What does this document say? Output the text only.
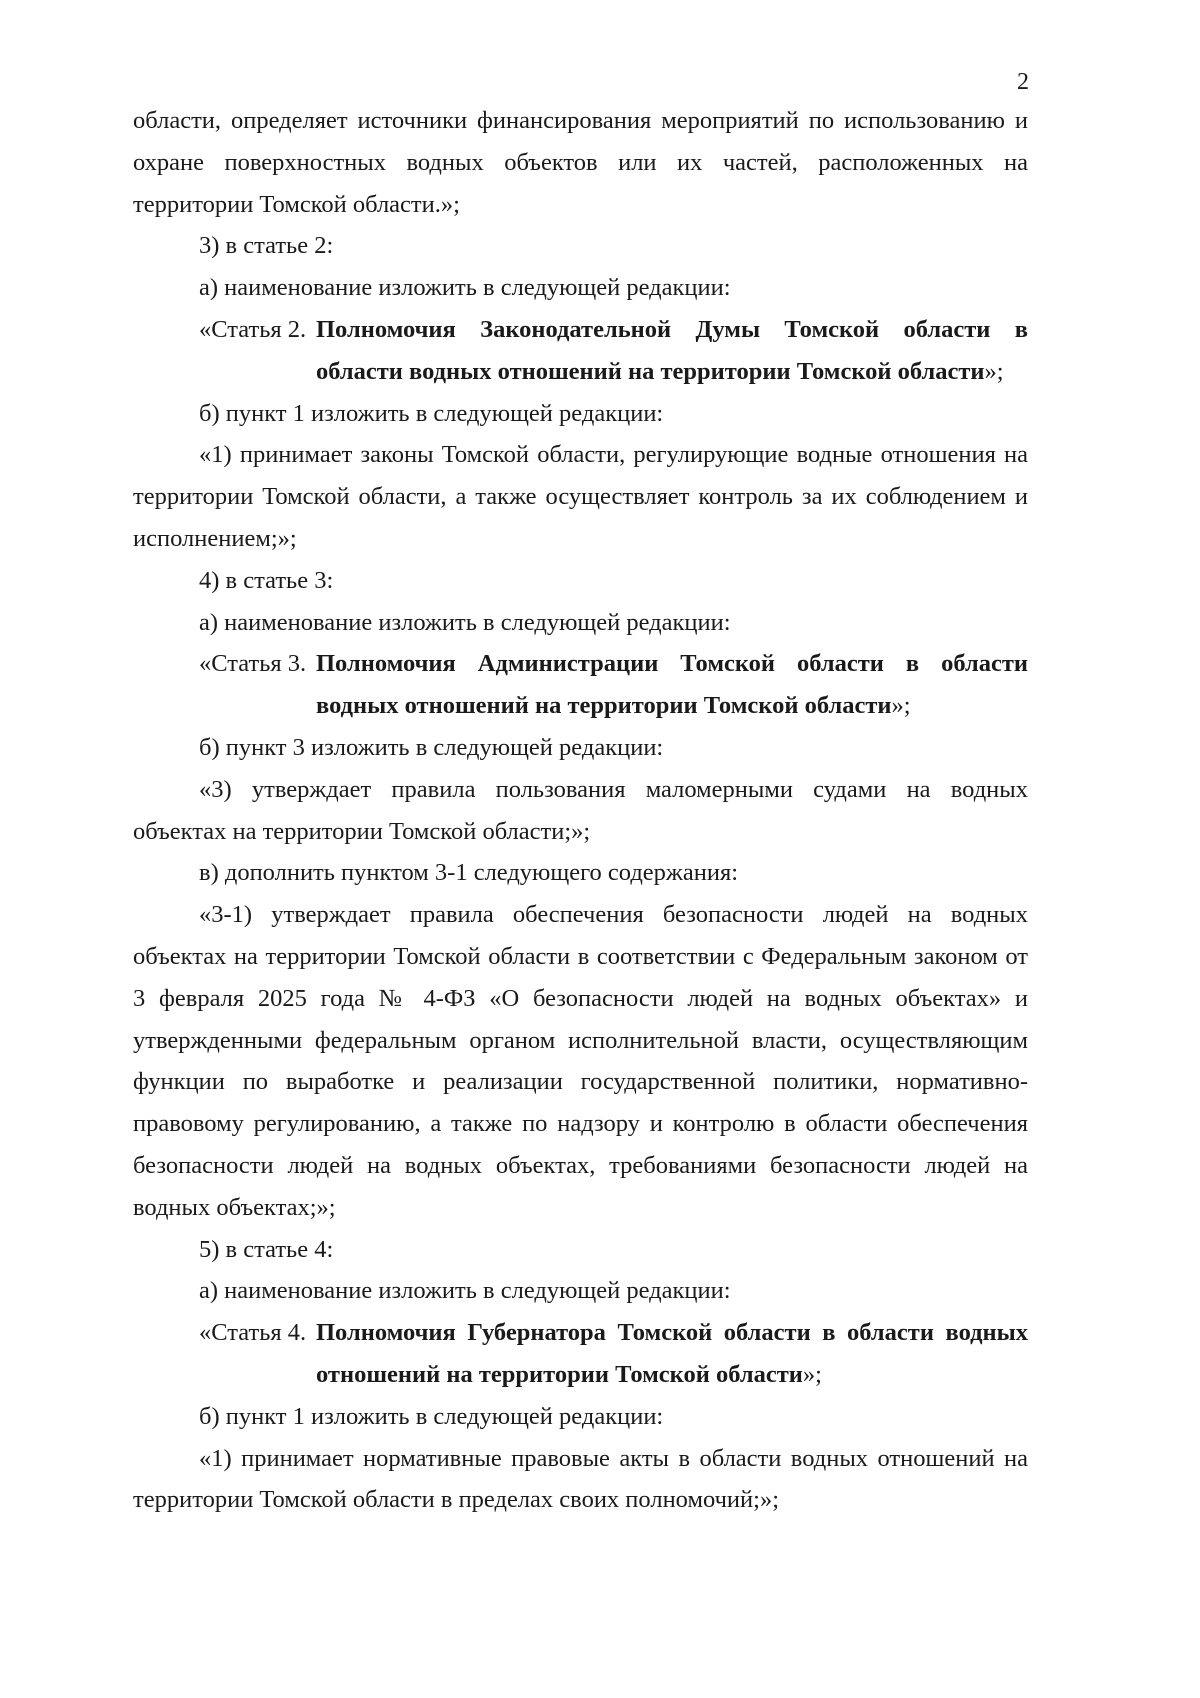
2

области, определяет источники финансирования мероприятий по использованию и охране поверхностных водных объектов или их частей, расположенных на территории Томской области.»;

3) в статье 2:

а) наименование изложить в следующей редакции:

«Статья 2. Полномочия Законодательной Думы Томской области в области водных отношений на территории Томской области»;

б) пункт 1 изложить в следующей редакции:

«1) принимает законы Томской области, регулирующие водные отношения на территории Томской области, а также осуществляет контроль за их соблюдением и исполнением;»;

4) в статье 3:

а) наименование изложить в следующей редакции:

«Статья 3. Полномочия Администрации Томской области в области водных отношений на территории Томской области»;

б) пункт 3 изложить в следующей редакции:

«3) утверждает правила пользования маломерными судами на водных объектах на территории Томской области;»;

в) дополнить пунктом 3-1 следующего содержания:

«3-1) утверждает правила обеспечения безопасности людей на водных объектах на территории Томской области в соответствии с Федеральным законом от 3 февраля 2025 года № 4-ФЗ «О безопасности людей на водных объектах» и утвержденными федеральным органом исполнительной власти, осуществляющим функции по выработке и реализации государственной политики, нормативно-правовому регулированию, а также по надзору и контролю в области обеспечения безопасности людей на водных объектах, требованиями безопасности людей на водных объектах;»;

5) в статье 4:

а) наименование изложить в следующей редакции:

«Статья 4. Полномочия Губернатора Томской области в области водных отношений на территории Томской области»;

б) пункт 1 изложить в следующей редакции:

«1) принимает нормативные правовые акты в области водных отношений на территории Томской области в пределах своих полномочий;»;
